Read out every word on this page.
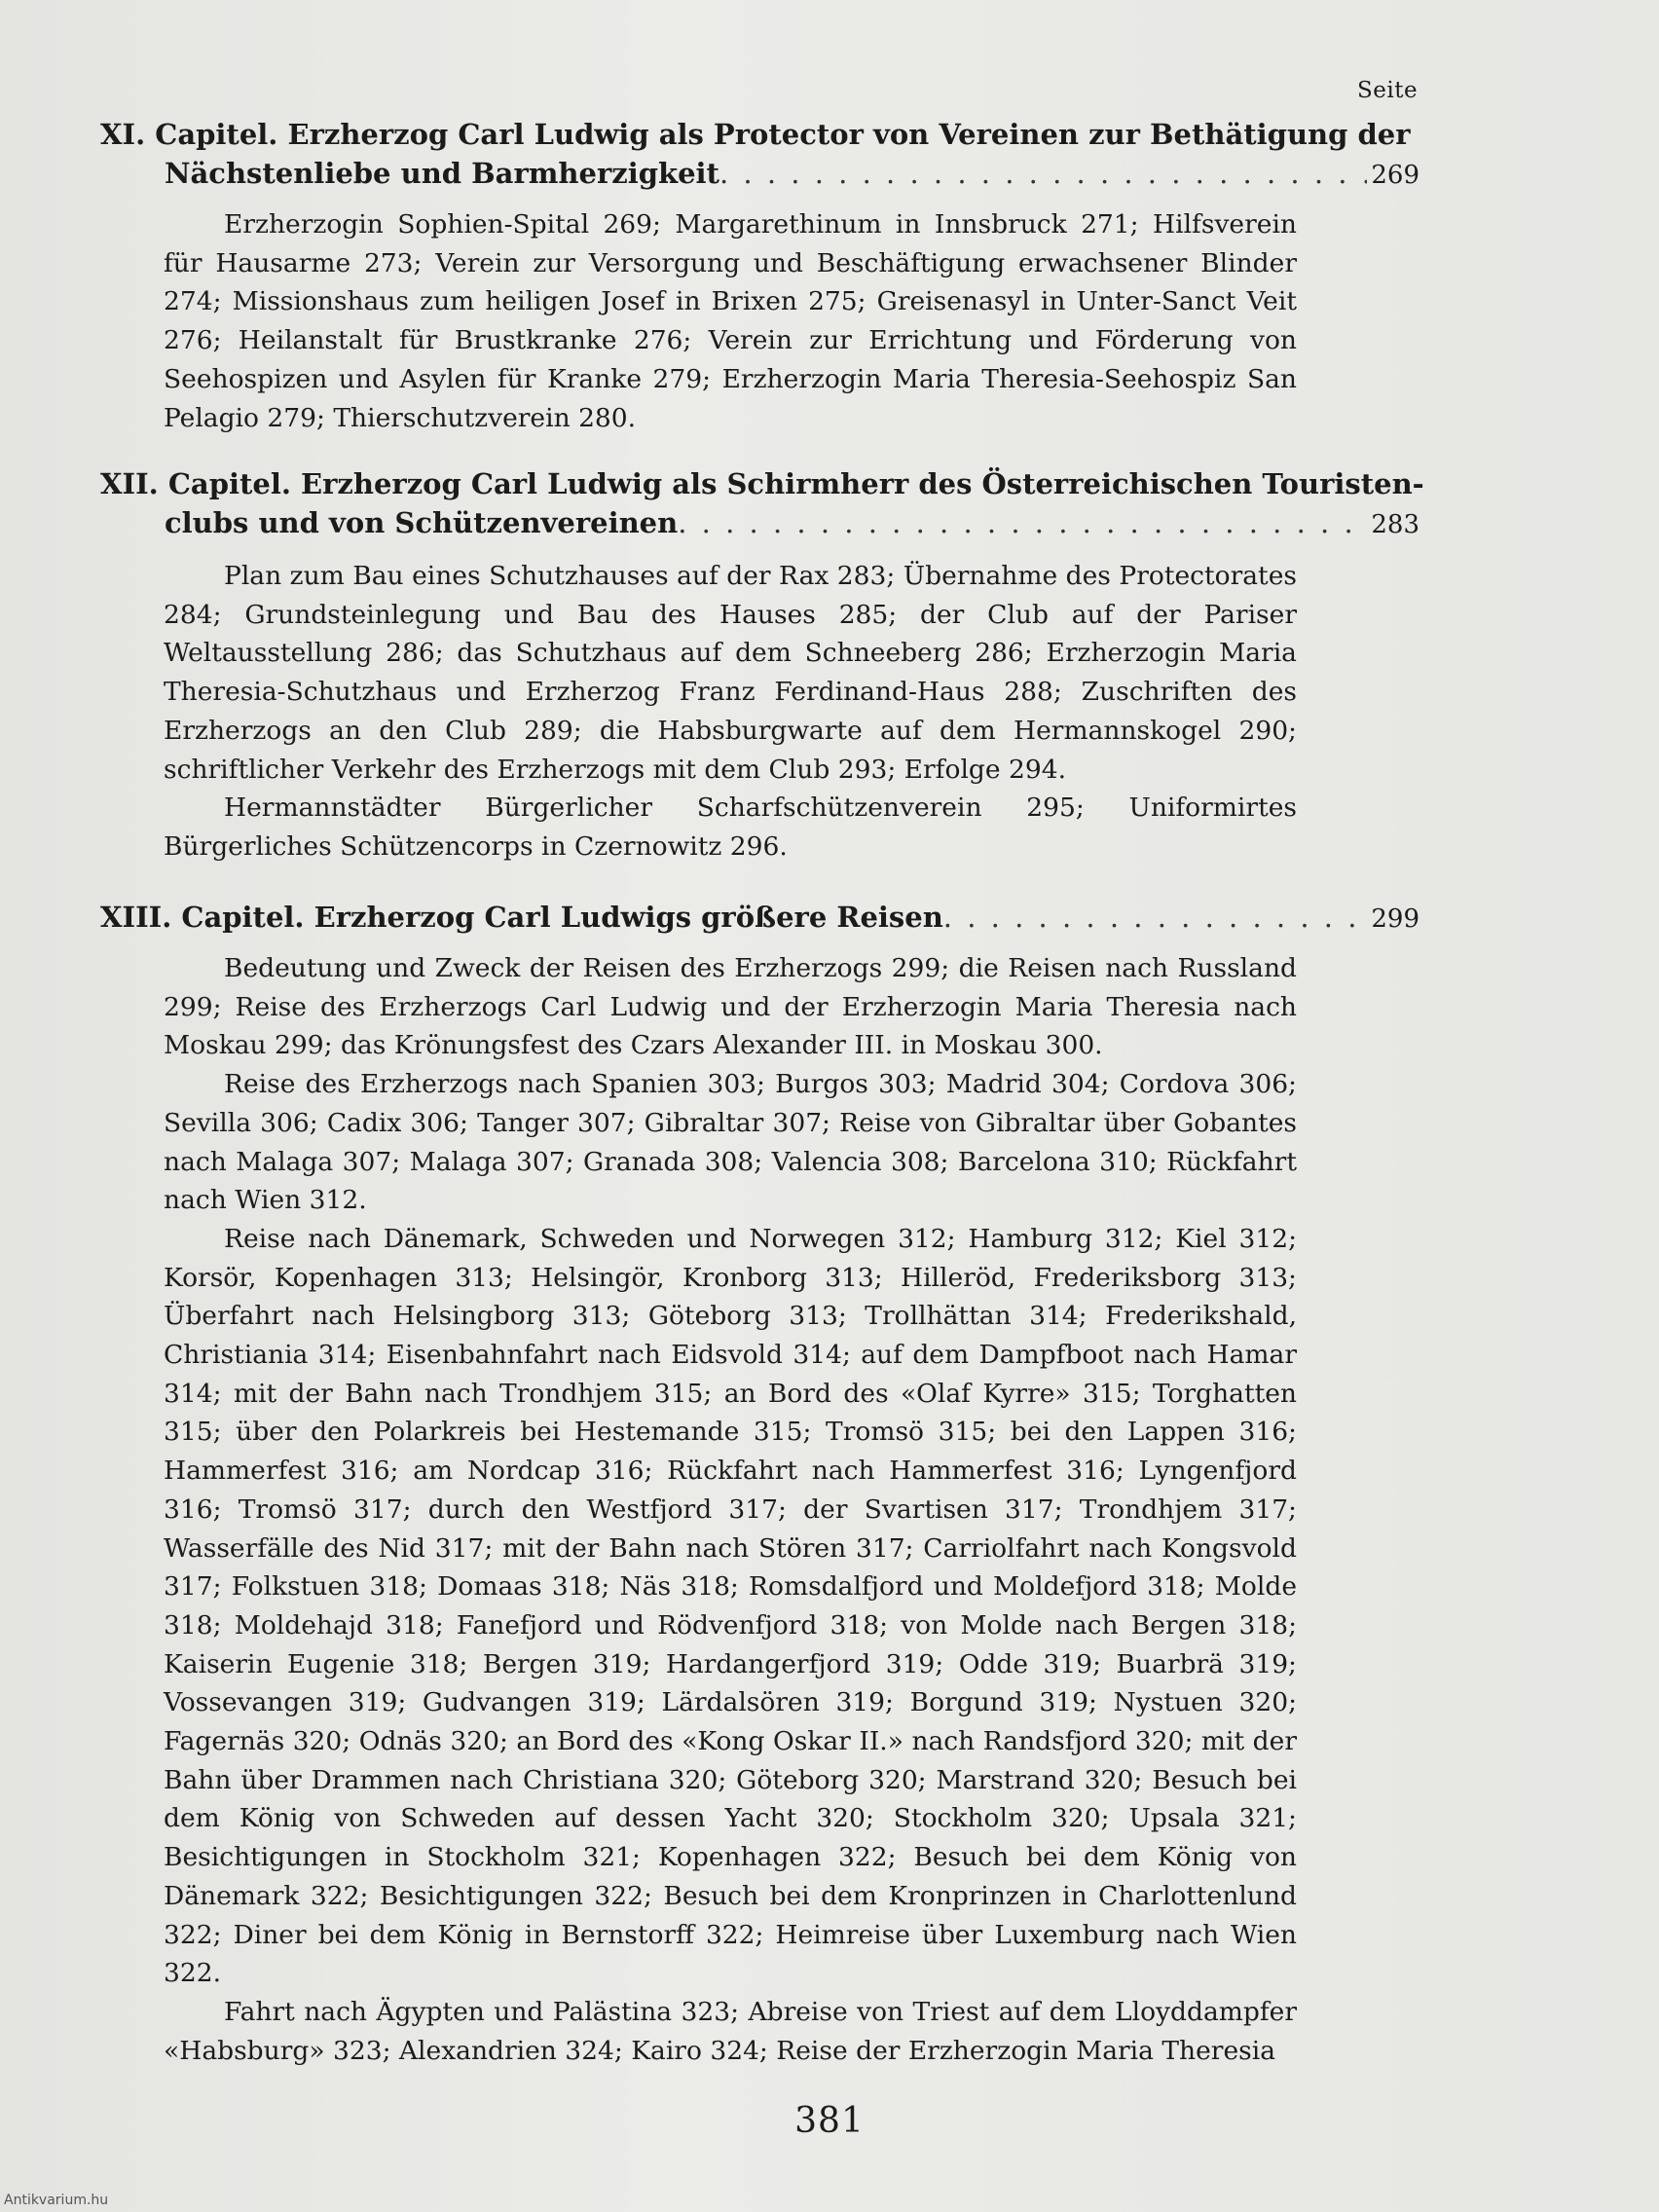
Seite
XI. Capitel. Erzherzog Carl Ludwig als Protector von Vereinen zur Bethätigung der
Nächstenliebe und Barmherzigkeit . . .	269

Erzherzogin Sophien-Spital 269; Margarethinum in Innsbruck 271; Hilfsverein für Hausarme 273; Verein zur Versorgung und Beschäftigung erwachsener Blinder 274; Missionshaus zum heiligen Josef in Brixen 275; Greisenasyl in Unter-Sanct Veit 276; Heilanstalt für Brustkranke 276; Verein zur Errichtung und Förderung von Seehospizen und Asylen für Kranke 279; Erzherzogin Maria Theresia-Seehospiz San Pelagio 279; Thierschutzverein 280.

XII. Capitel. Erzherzog Carl Ludwig als Schirmherr des Österreichischen Touristen-
clubs und von Schützenvereinen . . .	283

Plan zum Bau eines Schutzhauses auf der Rax 283; Übernahme des Protectorates 284; Grundsteinlegung und Bau des Hauses 285; der Club auf der Pariser Weltausstellung 286; das Schutzhaus auf dem Schneeberg 286; Erzherzogin Maria Theresia-Schutzhaus und Erzherzog Franz Ferdinand-Haus 288; Zuschriften des Erzherzogs an den Club 289; die Habsburgwarte auf dem Hermannskogel 290; schriftlicher Verkehr des Erzherzogs mit dem Club 293; Erfolge 294.

Hermannstädter Bürgerlicher Scharfschützenverein 295; Uniformirtes Bürgerliches Schützencorps in Czernowitz 296.

XIII. Capitel. Erzherzog Carl Ludwigs größere Reisen . . .	299

Bedeutung und Zweck der Reisen des Erzherzogs 299; die Reisen nach Russland 299; Reise des Erzherzogs Carl Ludwig und der Erzherzogin Maria Theresia nach Moskau 299; das Krönungsfest des Czars Alexander III. in Moskau 300.

Reise des Erzherzogs nach Spanien 303; Burgos 303; Madrid 304; Cordova 306; Sevilla 306; Cadix 306; Tanger 307; Gibraltar 307; Reise von Gibraltar über Gobantes nach Malaga 307; Malaga 307; Granada 308; Valencia 308; Barcelona 310; Rückfahrt nach Wien 312.

Reise nach Dänemark, Schweden und Norwegen 312; Hamburg 312; Kiel 312; Korsör, Kopenhagen 313; Helsingör, Kronborg 313; Hilleröd, Frederiksborg 313; Überfahrt nach Helsingborg 313; Göteborg 313; Trollhättan 314; Frederikshald, Christiania 314; Eisenbahnfahrt nach Eidsvold 314; auf dem Dampfboot nach Hamar 314; mit der Bahn nach Trondhjem 315; an Bord des «Olaf Kyrre» 315; Torghatten 315; über den Polarkreis bei Hestemande 315; Tromsö 315; bei den Lappen 316; Hammerfest 316; am Nordcap 316; Rückfahrt nach Hammerfest 316; Lyngenfjord 316; Tromsö 317; durch den Westfjord 317; der Svartisen 317; Trondhjem 317; Wasserfälle des Nid 317; mit der Bahn nach Stören 317; Carriolfahrt nach Kongsvold 317; Folkstuen 318; Domaas 318; Näs 318; Romsdalfjord und Moldefjord 318; Molde 318; Moldehajd 318; Fanefjord und Rödvenfjord 318; von Molde nach Bergen 318; Kaiserin Eugenie 318; Bergen 319; Hardangerfjord 319; Odde 319; Buarbrä 319; Vossevangen 319; Gudvangen 319; Lärdalsören 319; Borgund 319; Nystuen 320; Fagernäs 320; Odnäs 320; an Bord des «Kong Oskar II.» nach Randsfjord 320; mit der Bahn über Drammen nach Christiana 320; Göteborg 320; Marstrand 320; Besuch bei dem König von Schweden auf dessen Yacht 320; Stockholm 320; Upsala 321; Besichtigungen in Stockholm 321; Kopenhagen 322; Besuch bei dem König von Dänemark 322; Besichtigungen 322; Besuch bei dem Kronprinzen in Charlottenlund 322; Diner bei dem König in Bernstorff 322; Heimreise über Luxemburg nach Wien 322.

Fahrt nach Ägypten und Palästina 323; Abreise von Triest auf dem Lloyddampfer «Habsburg» 323; Alexandrien 324; Kairo 324; Reise der Erzherzogin Maria Theresia

381
Antikvarium.hu
